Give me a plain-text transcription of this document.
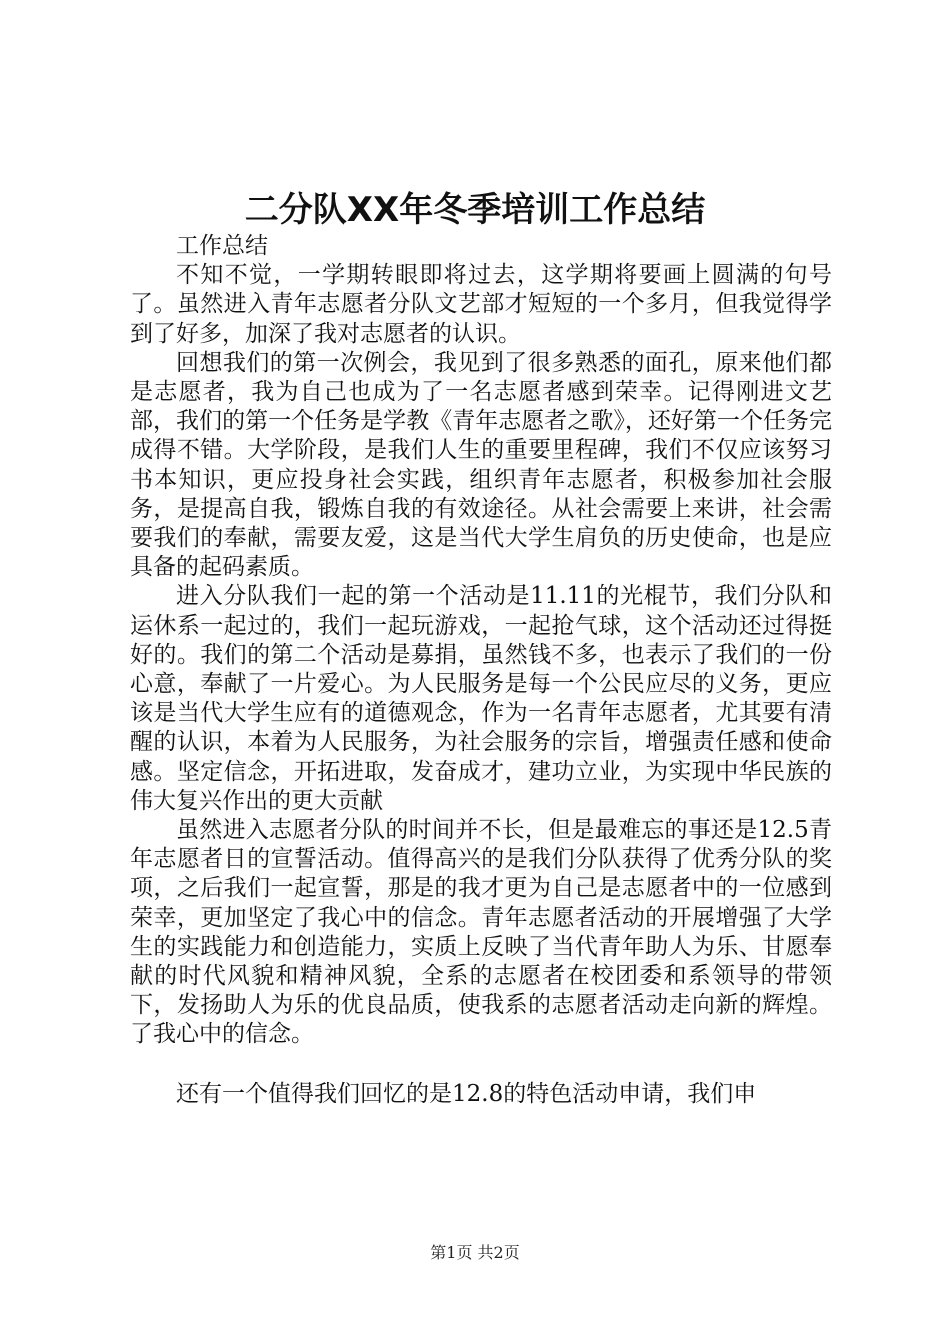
二分队XX年冬季培训工作总结

工作总结

不知不觉，一学期转眼即将过去，这学期将要画上圆满的句号了。虽然进入青年志愿者分队文艺部才短短的一个多月，但我觉得学到了好多，加深了我对志愿者的认识。

回想我们的第一次例会，我见到了很多熟悉的面孔，原来他们都是志愿者，我为自己也成为了一名志愿者感到荣幸。记得刚进文艺部，我们的第一个任务是学教《青年志愿者之歌》，还好第一个任务完成得不错。大学阶段，是我们人生的重要里程碑，我们不仅应该努习书本知识，更应投身社会实践，组织青年志愿者，积极参加社会服务，是提高自我，锻炼自我的有效途径。从社会需要上来讲，社会需要我们的奉献，需要友爱，这是当代大学生肩负的历史使命，也是应具备的起码素质。

进入分队我们一起的第一个活动是11.11的光棍节，我们分队和运休系一起过的，我们一起玩游戏，一起抢气球，这个活动还过得挺好的。我们的第二个活动是募捐，虽然钱不多，也表示了我们的一份心意，奉献了一片爱心。为人民服务是每一个公民应尽的义务，更应该是当代大学生应有的道德观念，作为一名青年志愿者，尤其要有清醒的认识，本着为人民服务，为社会服务的宗旨，增强责任感和使命感。坚定信念，开拓进取，发奋成才，建功立业，为实现中华民族的伟大复兴作出的更大贡献

虽然进入志愿者分队的时间并不长，但是最难忘的事还是12.5青年志愿者日的宣誓活动。值得高兴的是我们分队获得了优秀分队的奖项，之后我们一起宣誓，那是的我才更为自己是志愿者中的一位感到荣幸，更加坚定了我心中的信念。青年志愿者活动的开展增强了大学生的实践能力和创造能力，实质上反映了当代青年助人为乐、甘愿奉献的时代风貌和精神风貌，全系的志愿者在校团委和系领导的带领下，发扬助人为乐的优良品质，使我系的志愿者活动走向新的辉煌。了我心中的信念。

还有一个值得我们回忆的是12.8的特色活动申请，我们申

第1页 共2页
